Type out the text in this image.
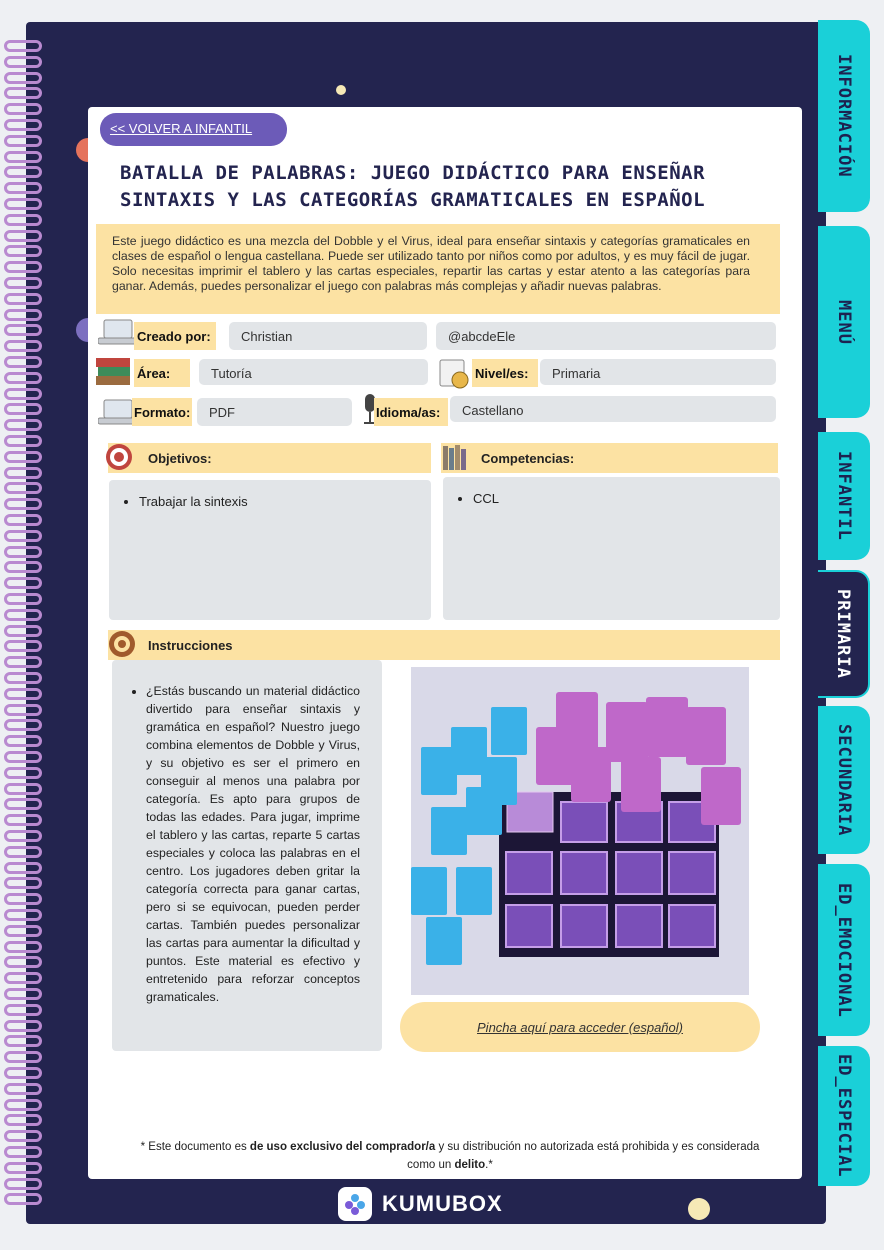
INFORMACIÓN
MENÚ
INFANTIL
PRIMARIA
SECUNDARIA
ED_EMOCIONAL
ED_ESPECIAL
<< VOLVER A INFANTIL
BATALLA DE PALABRAS: JUEGO DIDÁCTICO PARA ENSEÑAR SINTAXIS Y LAS CATEGORÍAS GRAMATICALES EN ESPAÑOL
Este juego didáctico es una mezcla del Dobble y el Virus, ideal para enseñar sintaxis y categorías gramaticales en clases de español o lengua castellana. Puede ser utilizado tanto por niños como por adultos, y es muy fácil de jugar. Solo necesitas imprimir el tablero y las cartas especiales, repartir las cartas y estar atento a las categorías para ganar. Además, puedes personalizar el juego con palabras más complejas y añadir nuevas palabras.
Creado por:	Christian	@abcdeEle
Área:	Tutoría	Nivel/es:	Primaria
Formato:	PDF	Idioma/as:	Castellano
Objetivos:
• Trabajar la sintexis
Competencias:
• CCL
Instrucciones
• ¿Estás buscando un material didáctico divertido para enseñar sintaxis y gramática en español? Nuestro juego combina elementos de Dobble y Virus, y su objetivo es ser el primero en conseguir al menos una palabra por categoría. Es apto para grupos de todas las edades. Para jugar, imprime el tablero y las cartas, reparte 5 cartas especiales y coloca las palabras en el centro. Los jugadores deben gritar la categoría correcta para ganar cartas, pero si se equivocan, pueden perder cartas. También puedes personalizar las cartas para aumentar la dificultad y puntos. Este material es efectivo y entretenido para reforzar conceptos gramaticales.
Pincha aquí para acceder (español)
* Este documento es de uso exclusivo del comprador/a y su distribución no autorizada está prohibida y es considerada como un delito.*
KUMUBOX
